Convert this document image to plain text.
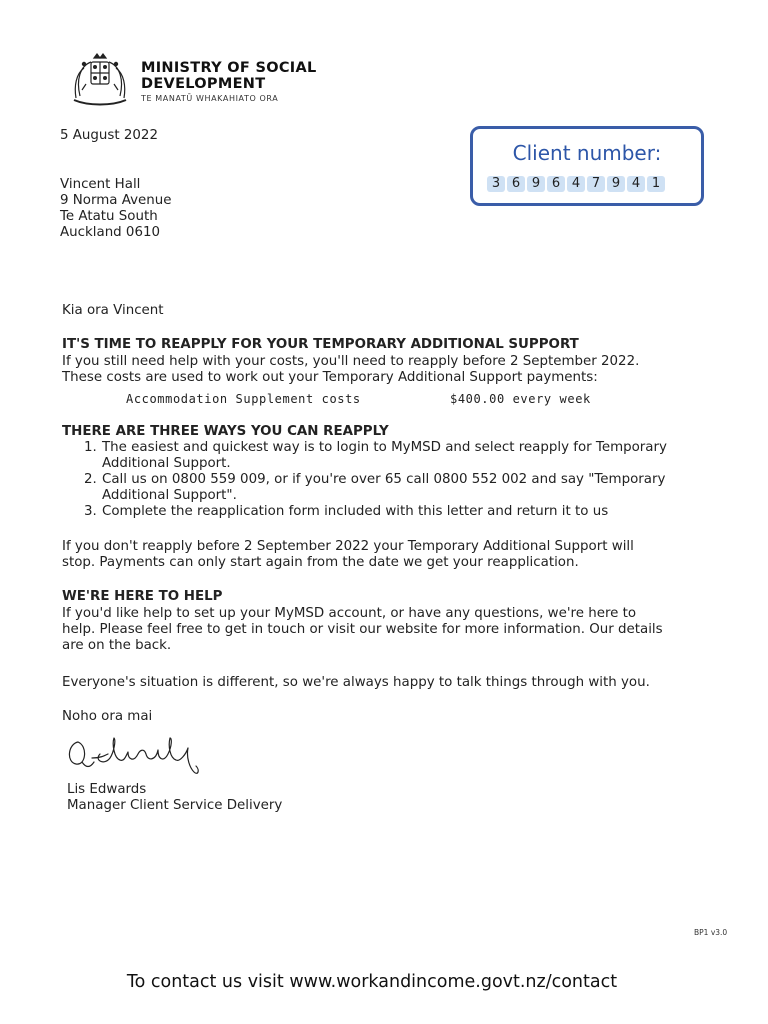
MINISTRY OF SOCIAL
DEVELOPMENT
TE MANATŪ WHAKAHIATO ORA
5 August 2022
Vincent Hall
9 Norma Avenue
Te Atatu South
Auckland 0610
Client number:
3 6 9 6 4 7 9 4 1
Kia ora Vincent
IT'S TIME TO REAPPLY FOR YOUR TEMPORARY ADDITIONAL SUPPORT
If you still need help with your costs, you'll need to reapply before 2 September 2022.
These costs are used to work out your Temporary Additional Support payments:
Accommodation Supplement costs	$400.00 every week
THERE ARE THREE WAYS YOU CAN REAPPLY
1. The easiest and quickest way is to login to MyMSD and select reapply for Temporary
Additional Support.
2. Call us on 0800 559 009, or if you're over 65 call 0800 552 002 and say "Temporary
Additional Support".
3. Complete the reapplication form included with this letter and return it to us
If you don't reapply before 2 September 2022 your Temporary Additional Support will
stop. Payments can only start again from the date we get your reapplication.
WE'RE HERE TO HELP
If you'd like help to set up your MyMSD account, or have any questions, we're here to
help. Please feel free to get in touch or visit our website for more information. Our details
are on the back.
Everyone's situation is different, so we're always happy to talk things through with you.
Noho ora mai
Lis Edwards
Manager Client Service Delivery
BP1 v3.0
To contact us visit www.workandincome.govt.nz/contact
